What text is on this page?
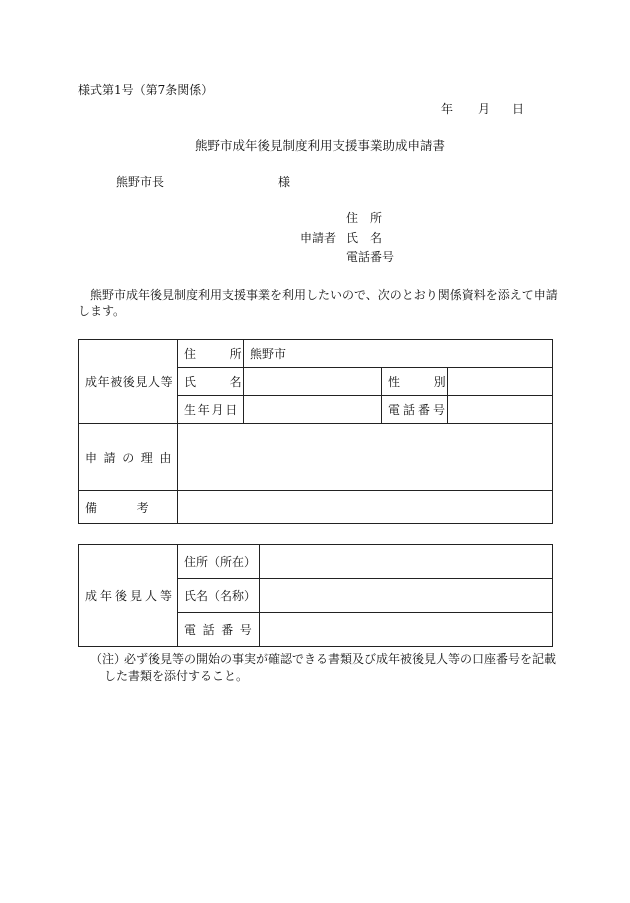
様式第1号（第7条関係）
年 月 日
熊野市成年後見制度利用支援事業助成申請書
熊野市長	様
住　所
申請者 氏　名
電話番号
熊野市成年後見制度利用支援事業を利用したいので、次のとおり関係資料を添えて申請
します。
成年被後見人等	住　所	熊野市		

	氏　名		性　別	

	生年月日		電話番号	
申請の理由				

備考				

成年後見人等	住所（所在）	
	氏名（名称）	
	電話番号	
（注）
必ず後見等の開始の事実が確認できる書類及び成年被後見人等の口座番号を記載
した書類を添付すること。
